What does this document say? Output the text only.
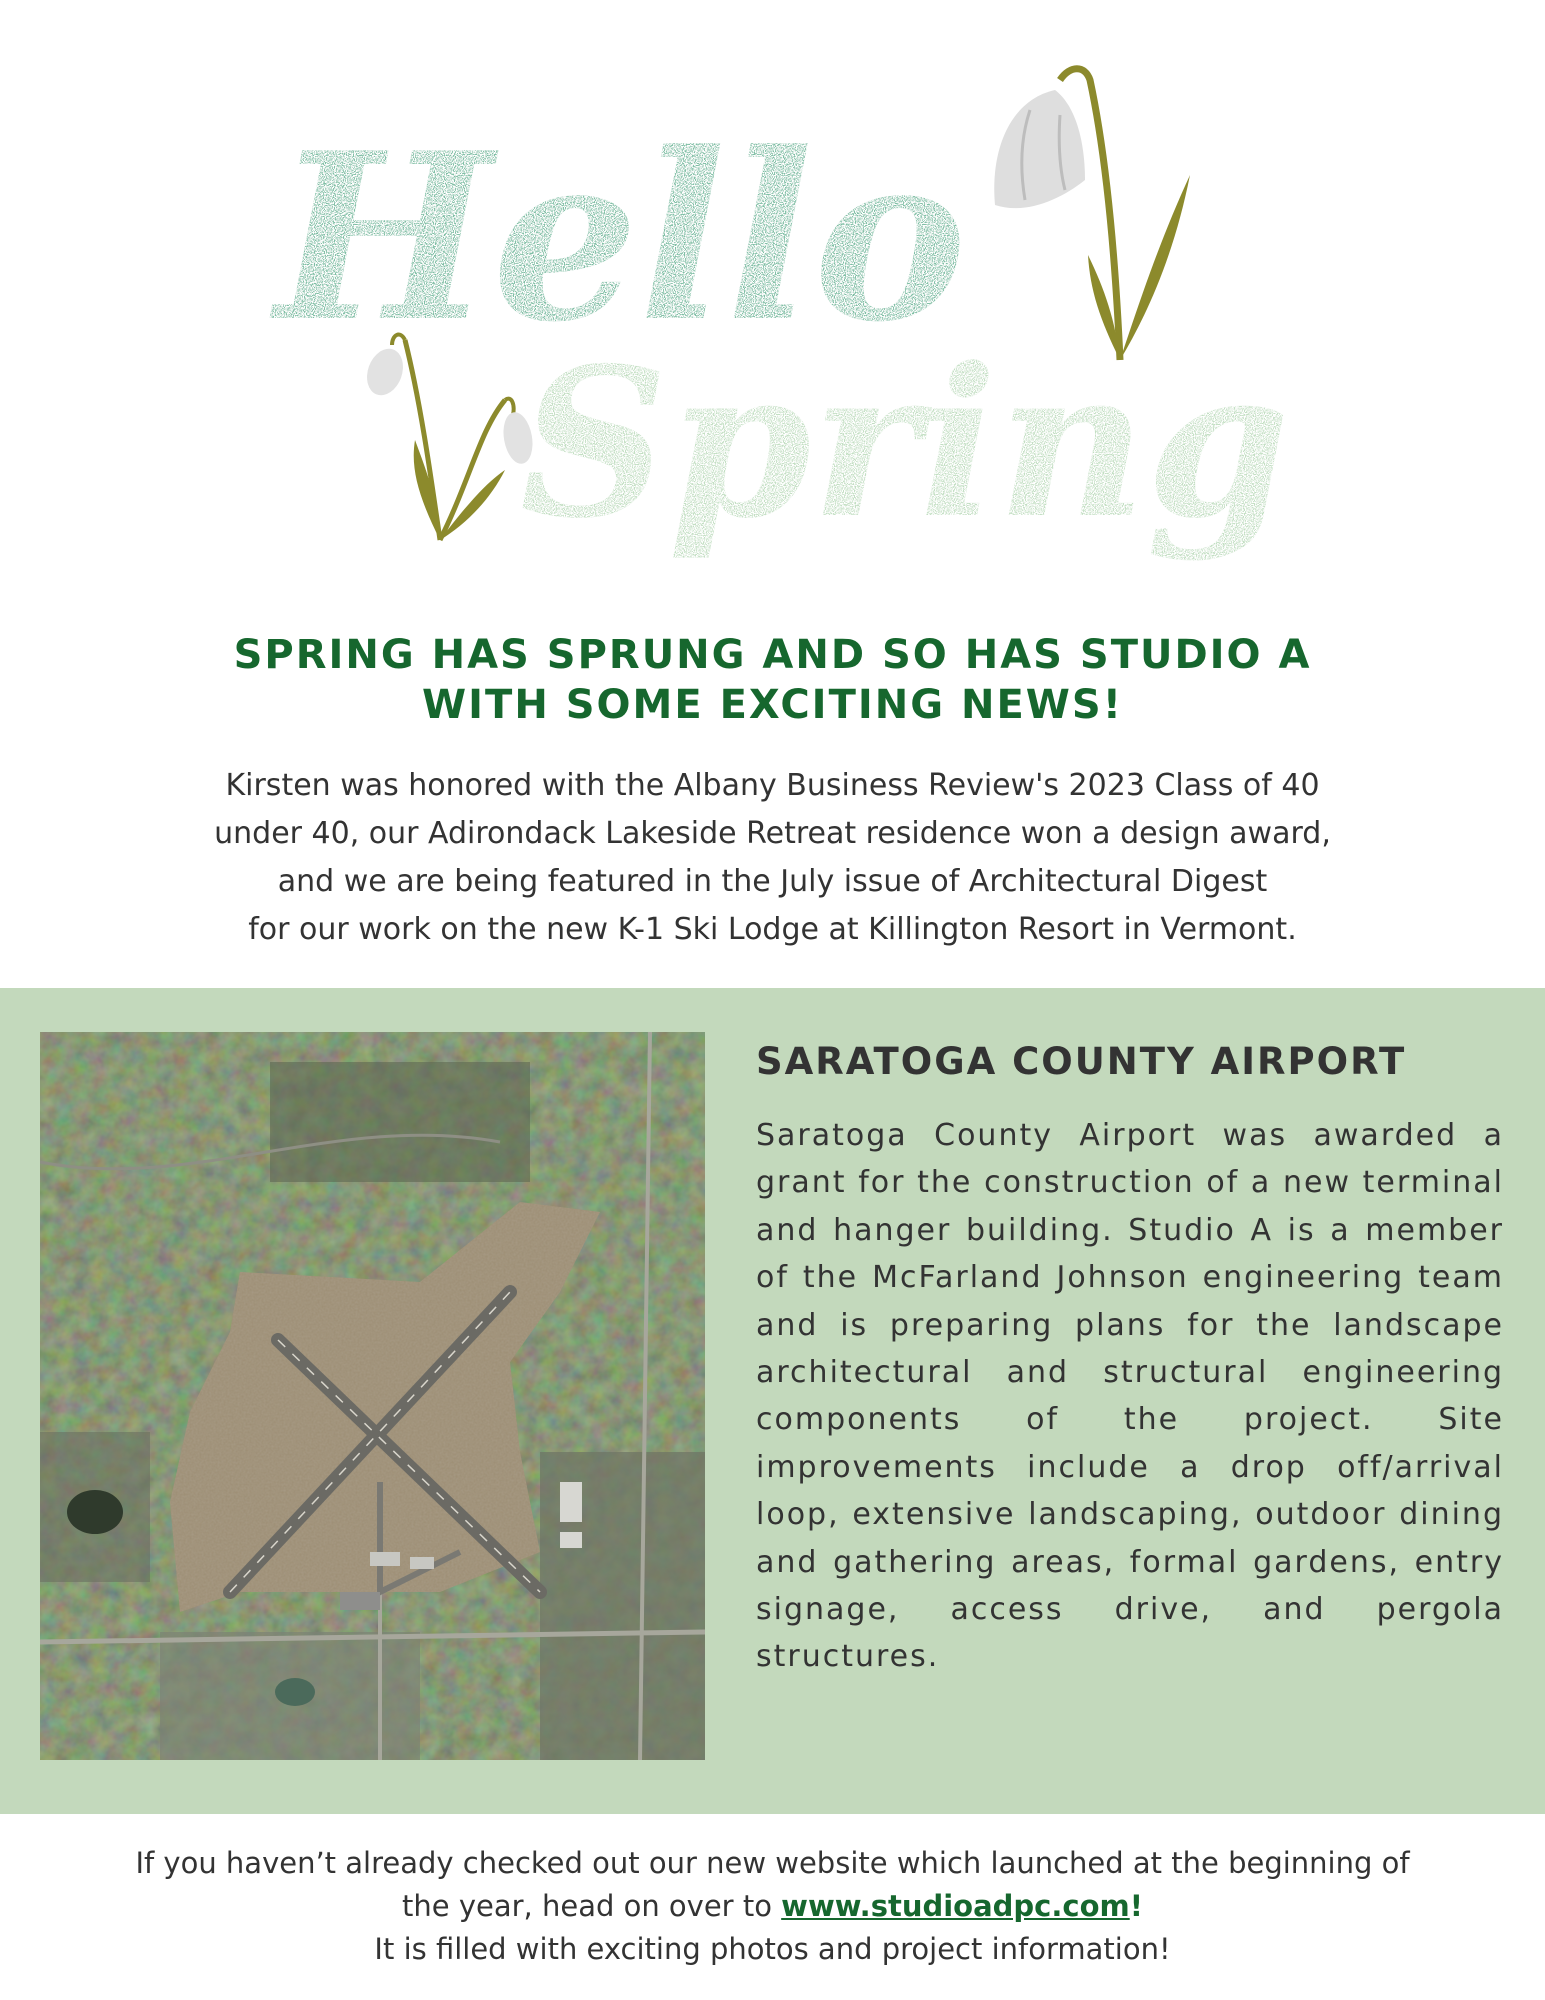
Hello
Spring
SPRING HAS SPRUNG AND SO HAS STUDIO A
WITH SOME EXCITING NEWS!
Kirsten was honored with the Albany Business Review's 2023 Class of 40
under 40, our Adirondack Lakeside Retreat residence won a design award,
and we are being featured in the July issue of Architectural Digest
for our work on the new K-1 Ski Lodge at Killington Resort in Vermont.
SARATOGA COUNTY AIRPORT
Saratoga County Airport was awarded a grant for the construction of a new terminal and hanger building. Studio A is a member of the McFarland Johnson engineering team and is preparing plans for the landscape architectural and structural engineering components of the project. Site improvements include a drop off/arrival loop, extensive landscaping, outdoor dining and gathering areas, formal gardens, entry signage, access drive, and pergola structures.
If you haven’t already checked out our new website which launched at the beginning of
the year, head on over to www.studioadpc.com!
It is filled with exciting photos and project information!
